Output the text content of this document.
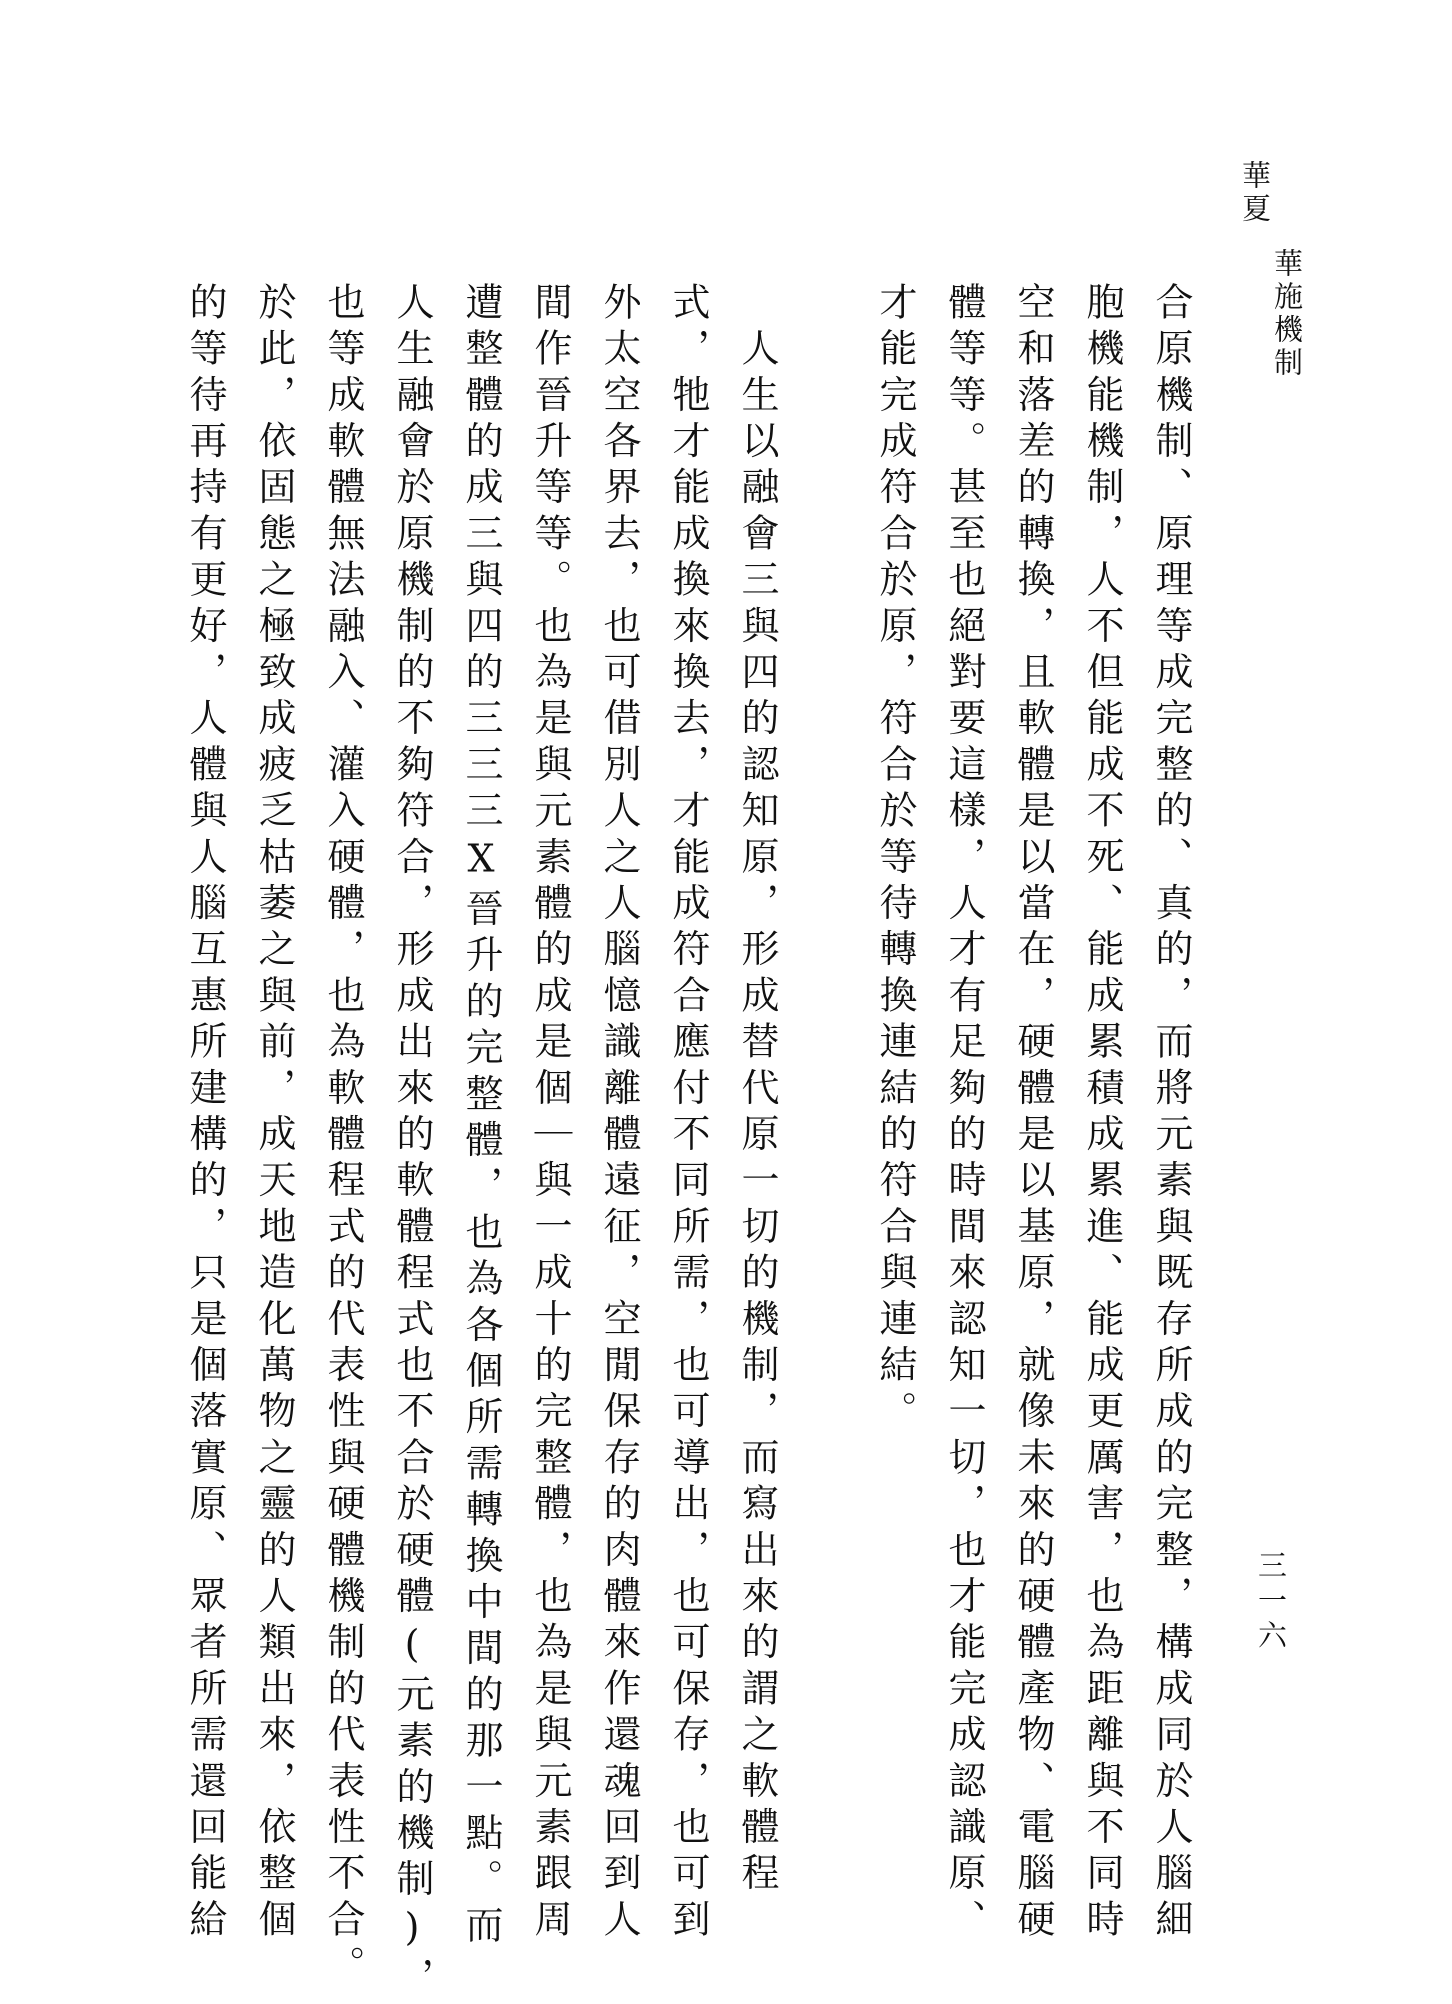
華夏
華施機制
三一六
合原機制、原理等成完整的、真的，而將元素與既存所成的完整，構成同於人腦細
胞機能機制，人不但能成不死、能成累積成累進、能成更厲害，也為距離與不同時
空和落差的轉換，且軟體是以當在，硬體是以基原，就像未來的硬體產物、電腦硬
體等等。甚至也絕對要這樣，人才有足夠的時間來認知一切，也才能完成認識原、
才能完成符合於原，符合於等待轉換連結的符合與連結。
　人生以融會三與四的認知原，形成替代原一切的機制，而寫出來的謂之軟體程
式，牠才能成換來換去，才能成符合應付不同所需，也可導出，也可保存，也可到
外太空各界去，也可借別人之人腦憶識離體遠征，空閒保存的肉體來作還魂回到人
間作晉升等等。也為是與元素體的成是個｜與一成十的完整體，也為是與元素跟周
遭整體的成三與四的三三三Ⅹ晉升的完整體，也為各個所需轉換中間的那一點。而
人生融會於原機制的不夠符合，形成出來的軟體程式也不合於硬體(元素的機制)，
也等成軟體無法融入、灌入硬體，也為軟體程式的代表性與硬體機制的代表性不合。
於此，依固態之極致成疲乏枯萎之與前，成天地造化萬物之靈的人類出來，依整個
的等待再持有更好，人體與人腦互惠所建構的，只是個落實原、眾者所需還回能給
